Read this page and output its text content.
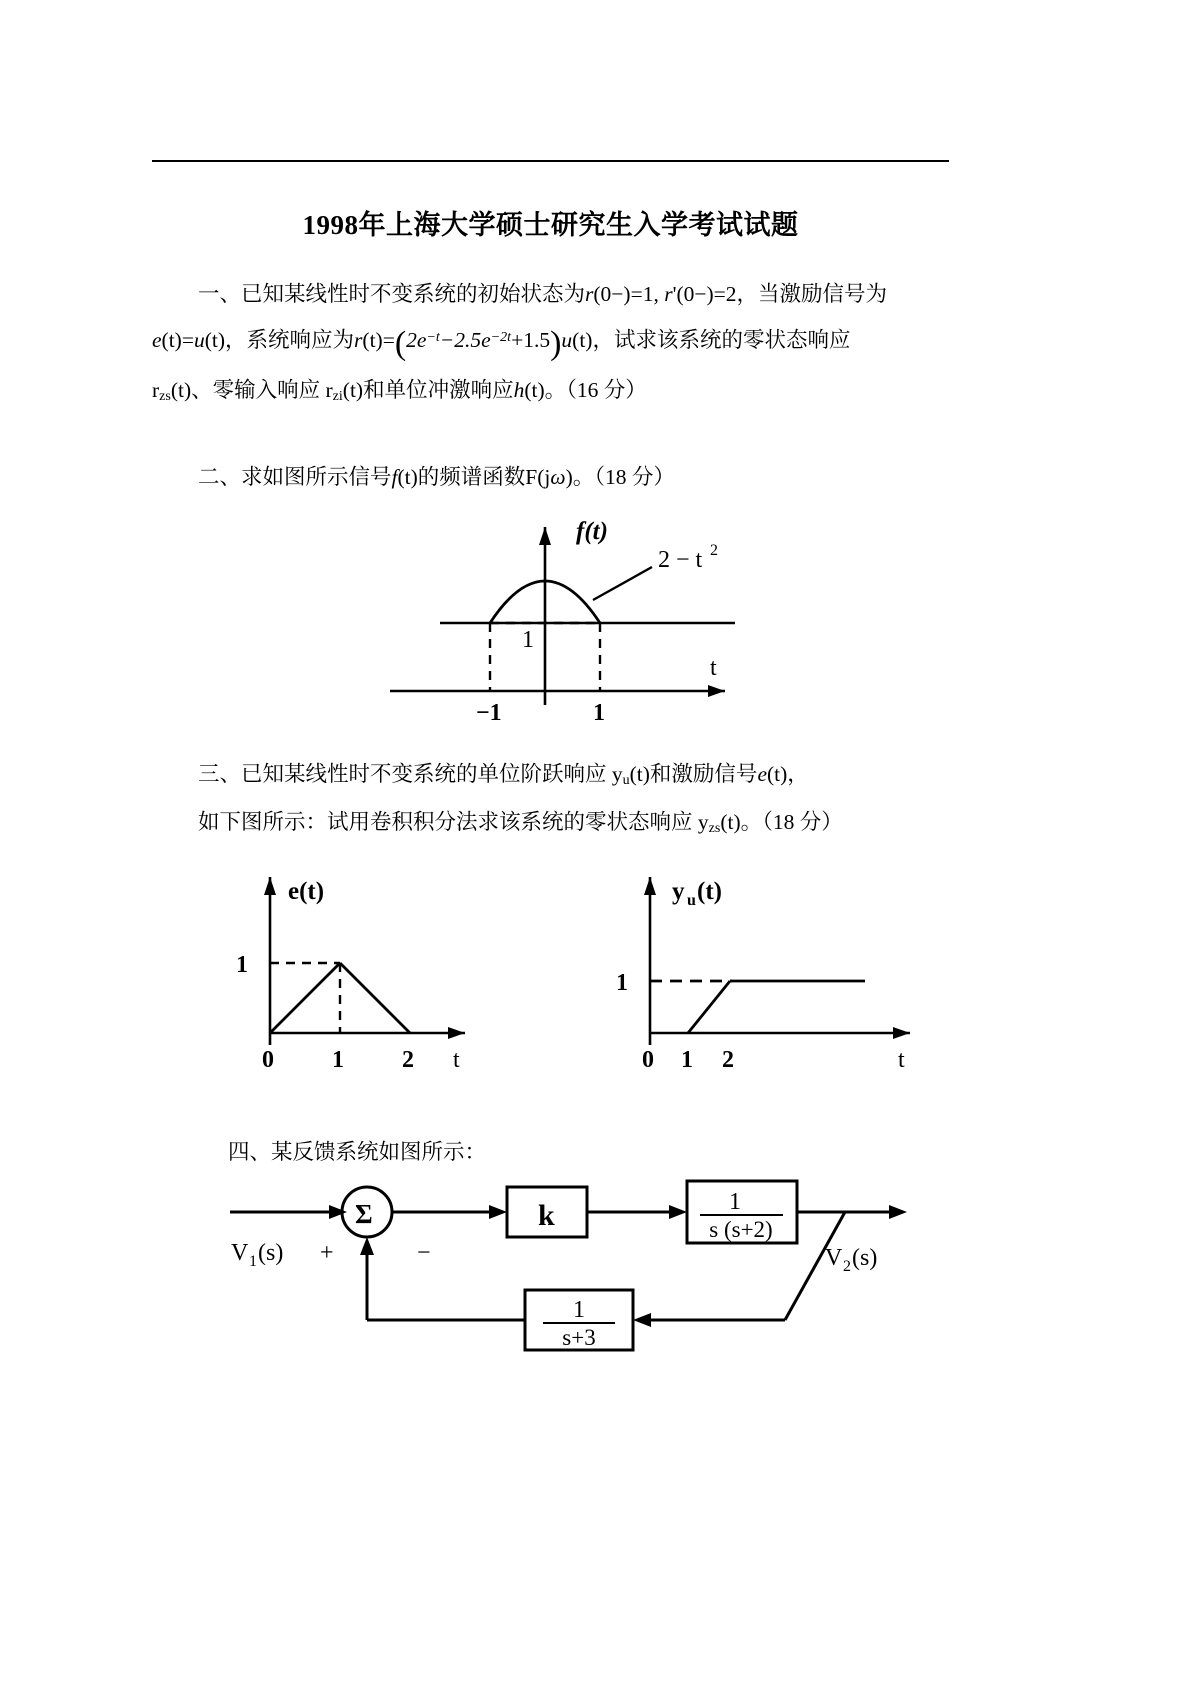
1998年上海大学硕士研究生入学考试试题
一、已知某线性时不变系统的初始状态为r(0−)=1, r'(0−)=2，当激励信号为
e(t)=u(t)，系统响应为$r(t)=(2e^{-t}-2.5e^{-2t}+1.5)u(t)$，试求该系统的零状态响应
$r_{zs}(t)$、零输入响应 $r_{zi}(t)$和单位冲激响应h(t)。（16 分）
二、求如图所示信号f(t)的频谱函数F(jω)。（18 分）
f(t)
2 − t 2
1
t
−1	1
三、已知某线性时不变系统的单位阶跃响应 $y_u(t)$和激励信号e(t)，
如下图所示：试用卷积积分法求该系统的零状态响应 $y_{zs}(t)$。（18 分）
e(t)
1
0 1 2 t
y u (t)
1
0 1 2	t
四、某反馈系统如图所示：
Σ	k	1
s (s+2)
1
s+3
V 1 (s) +	−	V 2 (s)
